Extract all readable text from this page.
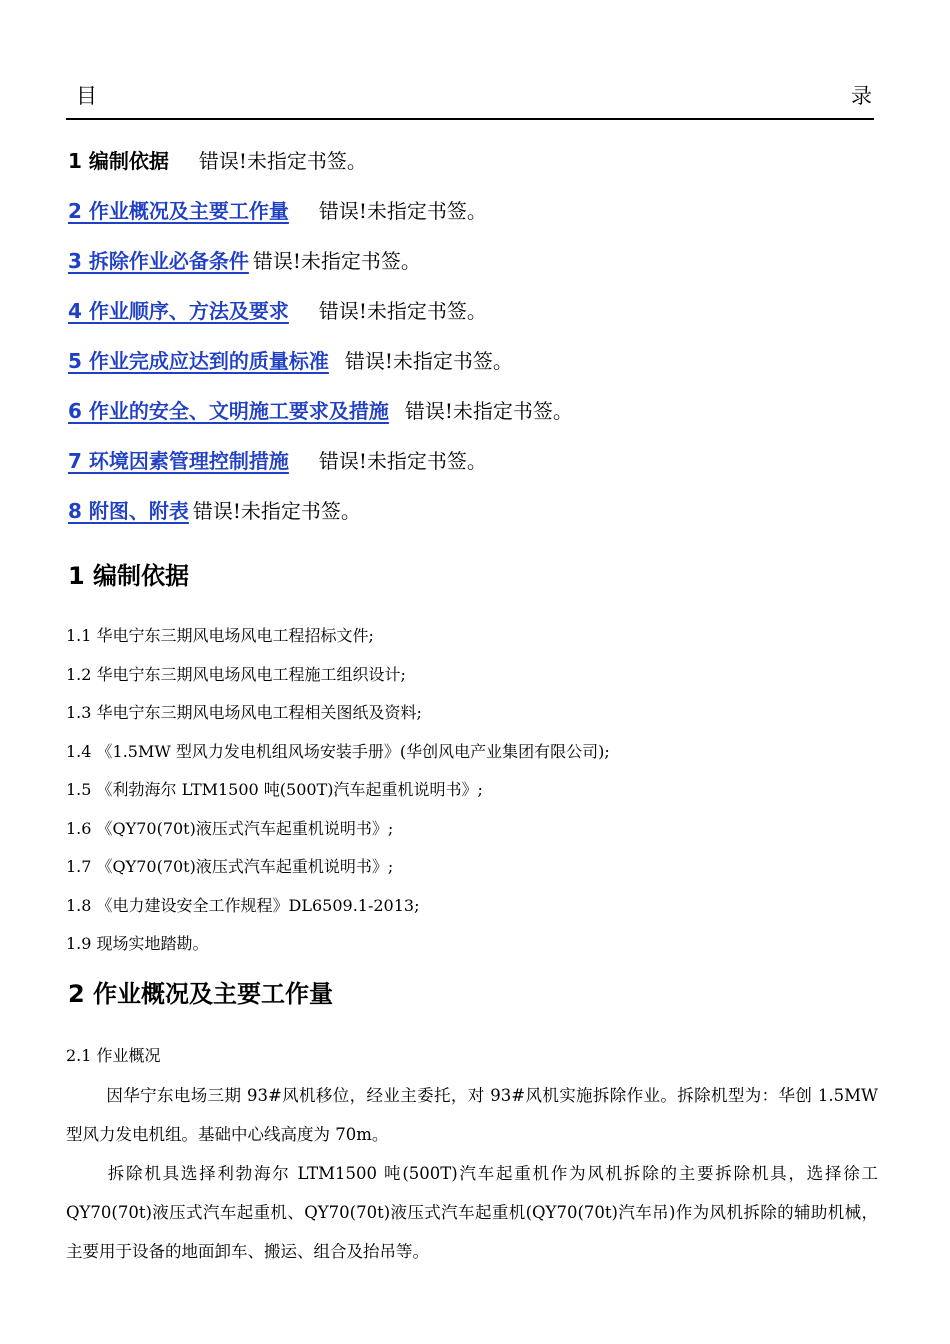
目	录
1 编制依据 错误!未指定书签。
2 作业概况及主要工作量 错误!未指定书签。
3 拆除作业必备条件 错误!未指定书签。
4 作业顺序、方法及要求 错误!未指定书签。
5 作业完成应达到的质量标准 错误!未指定书签。
6 作业的安全、文明施工要求及措施 错误!未指定书签。
7 环境因素管理控制措施 错误!未指定书签。
8 附图、附表 错误!未指定书签。
1 编制依据
1.1 华电宁东三期风电场风电工程招标文件;
1.2 华电宁东三期风电场风电工程施工组织设计;
1.3 华电宁东三期风电场风电工程相关图纸及资料;
1.4 《1.5MW 型风力发电机组风场安装手册》(华创风电产业集团有限公司);
1.5 《利勃海尔 LTM1500 吨(500T)汽车起重机说明书》;
1.6 《QY70(70t)液压式汽车起重机说明书》;
1.7 《QY70(70t)液压式汽车起重机说明书》;
1.8 《电力建设安全工作规程》DL6509.1-2013;
1.9 现场实地踏勘。
2 作业概况及主要工作量
2.1 作业概况
因华宁东电场三期 93#风机移位，经业主委托，对 93#风机实施拆除作业。拆除机型为：华创 1.5MW 型风力发电机组。基础中心线高度为 70m。
拆除机具选择利勃海尔 LTM1500 吨(500T)汽车起重机作为风机拆除的主要拆除机具，选择徐工 QY70(70t)液压式汽车起重机、QY70(70t)液压式汽车起重机(QY70(70t)汽车吊)作为风机拆除的辅助机械，主要用于设备的地面卸车、搬运、组合及抬吊等。
